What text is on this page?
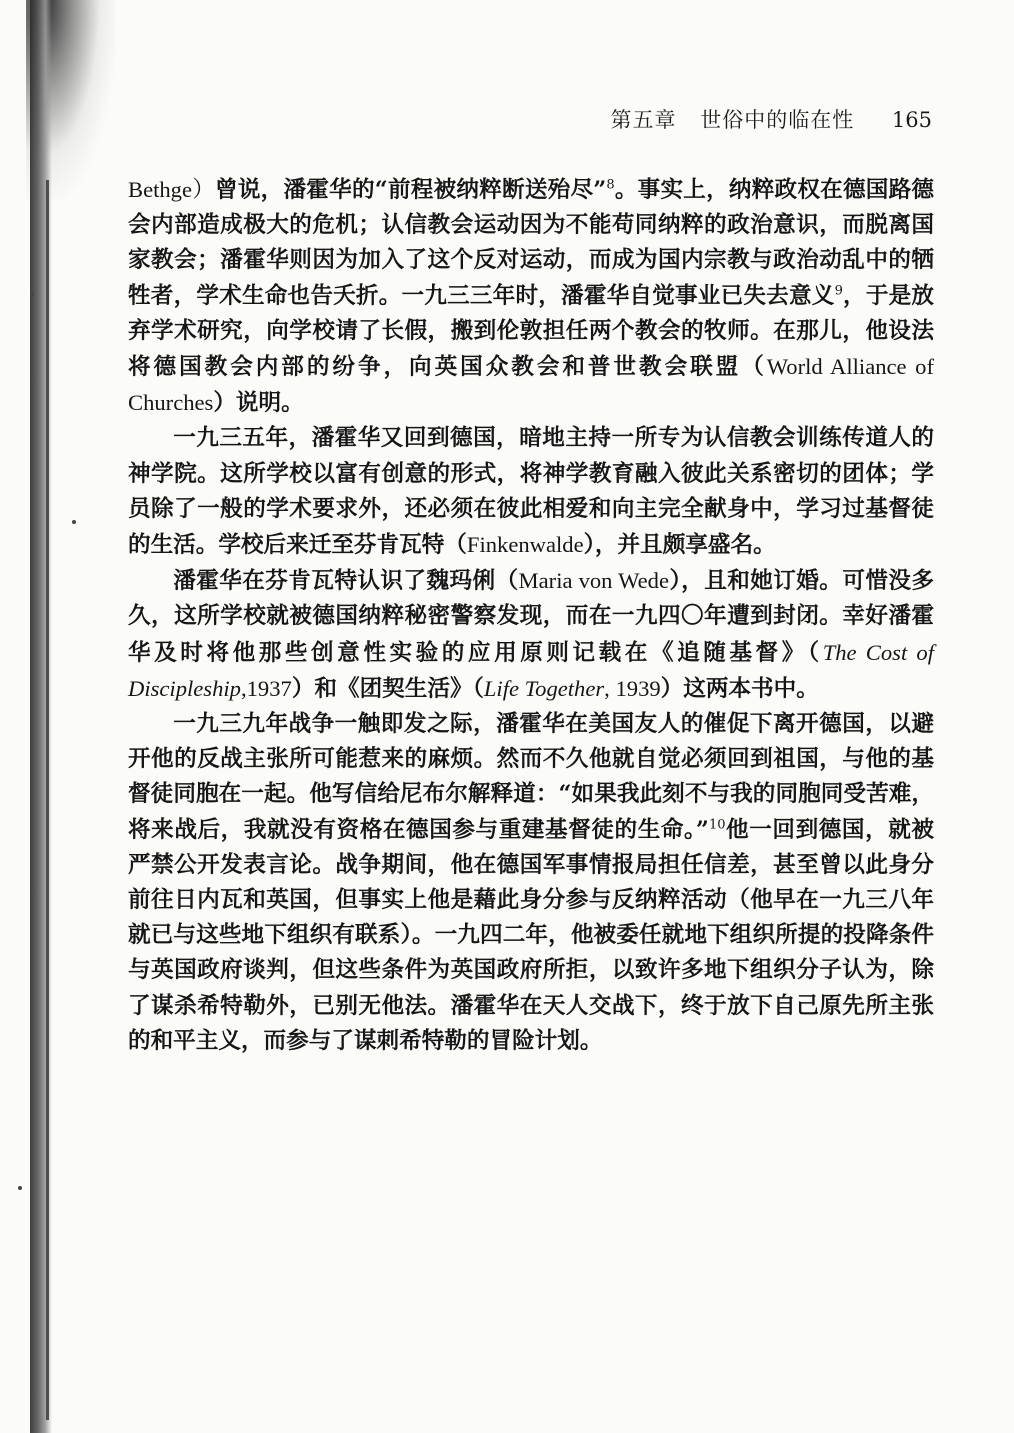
第五章 世俗中的临在性 165

Bethge）曾说，潘霍华的“前程被纳粹断送殆尽”$^8$。事实上，纳粹政权在德国路德会内部造成极大的危机；认信教会运动因为不能苟同纳粹的政治意识，而脱离国家教会；潘霍华则因为加入了这个反对运动，而成为国内宗教与政治动乱中的牺牲者，学术生命也告夭折。一九三三年时，潘霍华自觉事业已失去意义$^9$，于是放弃学术研究，向学校请了长假，搬到伦敦担任两个教会的牧师。在那儿，他设法将德国教会内部的纷争，向英国众教会和普世教会联盟（World Alliance of Churches）说明。

一九三五年，潘霍华又回到德国，暗地主持一所专为认信教会训练传道人的神学院。这所学校以富有创意的形式，将神学教育融入彼此关系密切的团体；学员除了一般的学术要求外，还必须在彼此相爱和向主完全献身中，学习过基督徒的生活。学校后来迁至芬肯瓦特（Finkenwalde），并且颇享盛名。

潘霍华在芬肯瓦特认识了魏玛俐（Maria von Wede），且和她订婚。可惜没多久，这所学校就被德国纳粹秘密警察发现，而在一九四〇年遭到封闭。幸好潘霍华及时将他那些创意性实验的应用原则记载在《追随基督》（The Cost of Discipleship,1937）和《团契生活》（Life Together, 1939）这两本书中。

一九三九年战争一触即发之际，潘霍华在美国友人的催促下离开德国，以避开他的反战主张所可能惹来的麻烦。然而不久他就自觉必须回到祖国，与他的基督徒同胞在一起。他写信给尼布尔解释道：“如果我此刻不与我的同胞同受苦难，将来战后，我就没有资格在德国参与重建基督徒的生命。”$^{10}$他一回到德国，就被严禁公开发表言论。战争期间，他在德国军事情报局担任信差，甚至曾以此身分前往日内瓦和英国，但事实上他是藉此身分参与反纳粹活动（他早在一九三八年就已与这些地下组织有联系）。一九四二年，他被委任就地下组织所提的投降条件与英国政府谈判，但这些条件为英国政府所拒，以致许多地下组织分子认为，除了谋杀希特勒外，已别无他法。潘霍华在天人交战下，终于放下自己原先所主张的和平主义，而参与了谋刺希特勒的冒险计划。
